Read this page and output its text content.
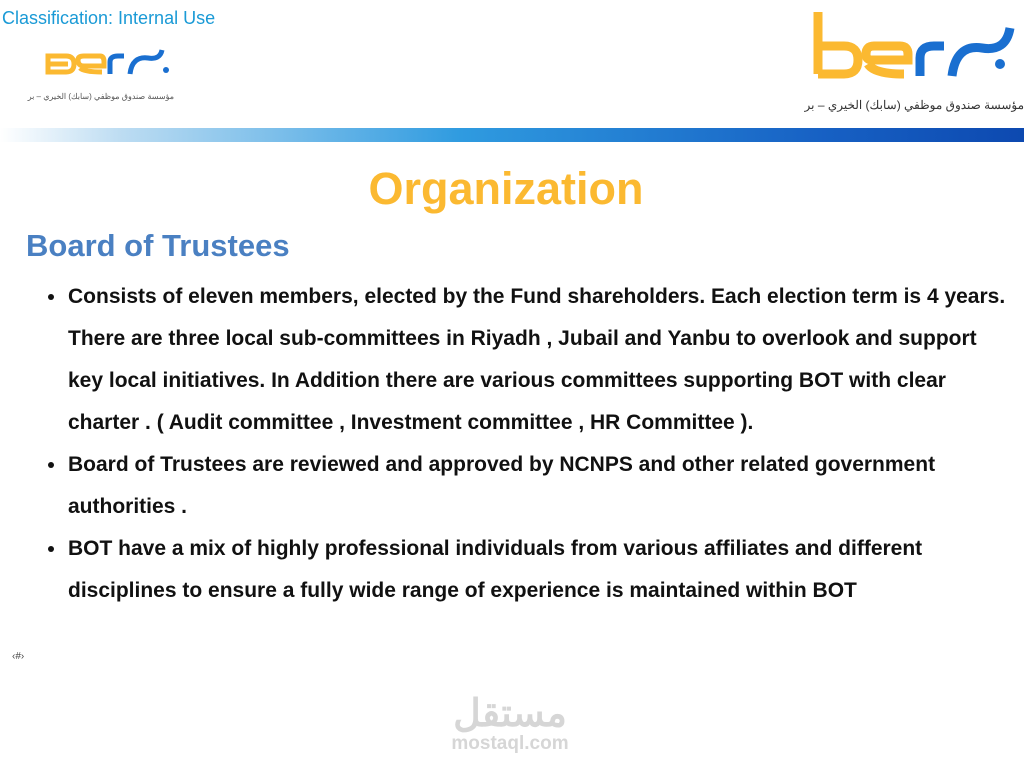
Classification: Internal Use
مؤسسة صندوق موظفي (سابك) الخيري – بر
مؤسسة صندوق موظفي (سابك) الخيري – بر
Organization
Board of Trustees
Consists of eleven members, elected by the Fund shareholders. Each election term is 4 years. There are three local sub-committees in Riyadh , Jubail and Yanbu to overlook and support key local initiatives. In Addition there are various committees supporting BOT with clear charter . ( Audit committee , Investment committee , HR Committee ).
Board of Trustees are reviewed and approved by NCNPS and other related government authorities .
BOT have a mix of highly professional individuals from various affiliates and different disciplines to ensure a fully wide range of experience is maintained within BOT
‹#›
مستقل
mostaql.com
